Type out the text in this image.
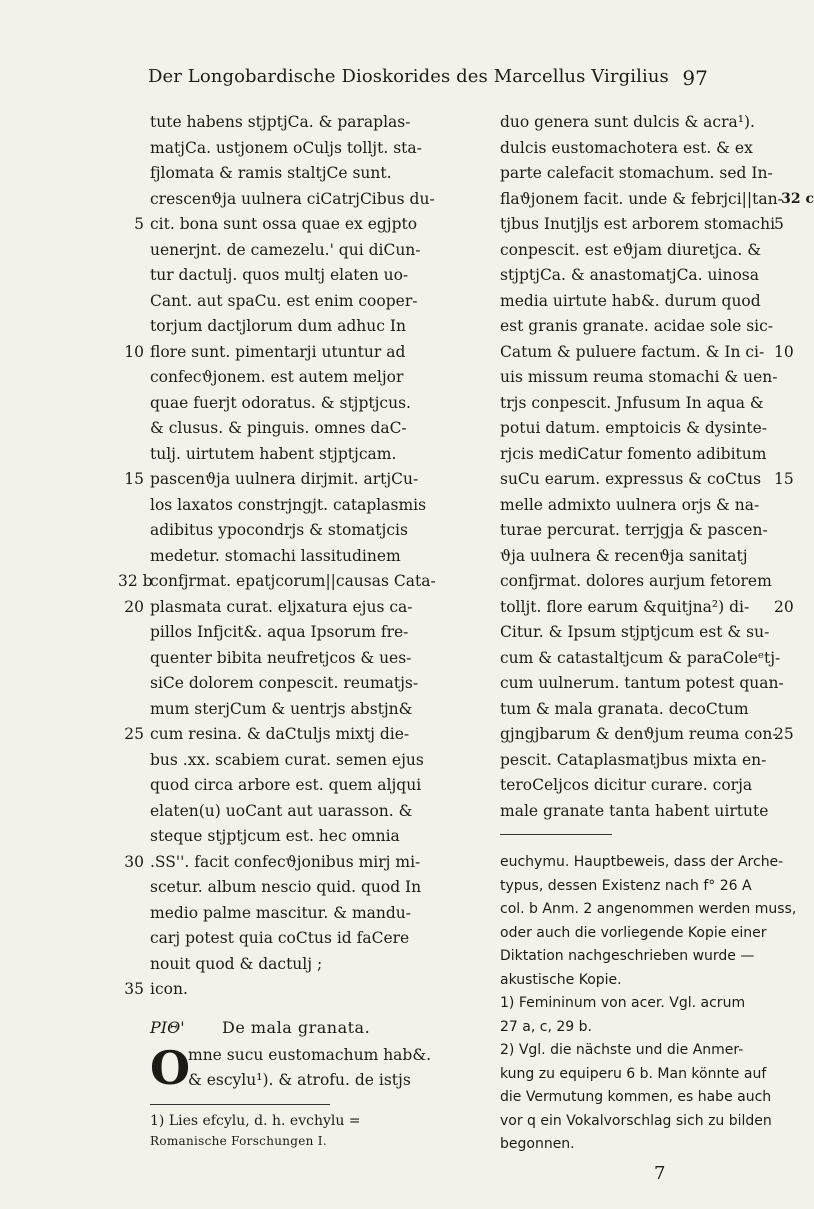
Der Longobardische Dioskorides des Marcellus Virgilius 97
tute habens stjptjCa. & paraplas-
matjCa. ustjonem oCuljs tolljt. sta-
fjlomata & ramis staltjCe sunt.
crescenϑja uulnera ciCatrjCibus du-
5 cit. bona sunt ossa quae ex egjpto
uenerjnt. de camezelu.' qui diCun-
tur dactulj. quos multj elaten uo-
Cant. aut spaCu. est enim cooper-
torjum dactjlorum dum adhuc In
10 flore sunt. pimentarji utuntur ad
confecϑjonem. est autem meljor
quae fuerjt odoratus. & stjptjcus.
& clusus. & pinguis. omnes daC-
tulj. uirtutem habent stjptjcam.
15 pascenϑja uulnera dirjmit. artjCu-
los laxatos constrjngjt. cataplasmis
adibitus ypocondrjs & stomatjcis
medetur. stomachi lassitudinem
32 b
confjrmat. epatjcorum||causas Cata-
20 plasmata curat. eljxatura ejus ca-
pillos Infjcit&. aqua Ipsorum fre-
quenter bibita neufretjcos & ues-
siCe dolorem conpescit. reumatjs-
mum sterjCum & uentrjs abstjn&
25 cum resina. & daCtuljs mixtj die-
bus .xx. scabiem curat. semen ejus
quod circa arbore est. quem aljqui
elaten(u) uoCant aut uarasson. &
steque stjptjcum est. hec omnia
30 .SS''. facit confecϑjonibus mirj mi-
scetur. album nescio quid. quod In
medio palme mascitur. & mandu-
carj potest quia coCtus id faCere
nouit quod & dactulj ;
35 icon.
PIΘ' De mala granata.
O
mne sucu eustomachum hab&.
& escylu¹). & atrofu. de istjs
1) Lies efcylu, d. h. evchylu =
Romanische Forschungen I.
duo genera sunt dulcis & acra¹).
dulcis eustomachotera est. & ex
parte calefacit stomachum. sed In-
flaϑjonem facit. unde & febrjci||tan-
32 c
5
tjbus Inutjljs est arborem stomachi
conpescit. est eϑjam diuretjca. &
stjptjCa. & anastomatjCa. uinosa
media uirtute hab&. durum quod
est granis granate. acidae sole sic-
10
Catum & puluere factum. & In ci-
uis missum reuma stomachi & uen-
trjs conpescit. Jnfusum In aqua &
potui datum. emptoicis & dysinte-
rjcis mediCatur fomento adibitum
15
suCu earum. expressus & coCtus
melle admixto uulnera orjs & na-
turae percurat. terrjgja & pascen-
ϑja uulnera & recenϑja sanitatj
confjrmat. dolores aurjum fetorem
20
tolljt. flore earum &quitjna²) di-
Citur. & Ipsum stjptjcum est & su-
cum & catastaltjcum & paraColeᵉtj-
cum uulnerum. tantum potest quan-
tum & mala granata. decoCtum
25
gjngjbarum & denϑjum reuma con-
pescit. Cataplasmatjbus mixta en-
teroCeljcos dicitur curare. corja
male granate tanta habent uirtute
euchymu. Hauptbeweis, dass der Arche-
typus, dessen Existenz nach f° 26 A
col. b Anm. 2 angenommen werden muss,
oder auch die vorliegende Kopie einer
Diktation nachgeschrieben wurde —
akustische Kopie.
1) Femininum von acer. Vgl. acrum
27 a, c, 29 b.
2) Vgl. die nächste und die Anmer-
kung zu equiperu 6 b. Man könnte auf
die Vermutung kommen, es habe auch
vor q ein Vokalvorschlag sich zu bilden
begonnen.
7
